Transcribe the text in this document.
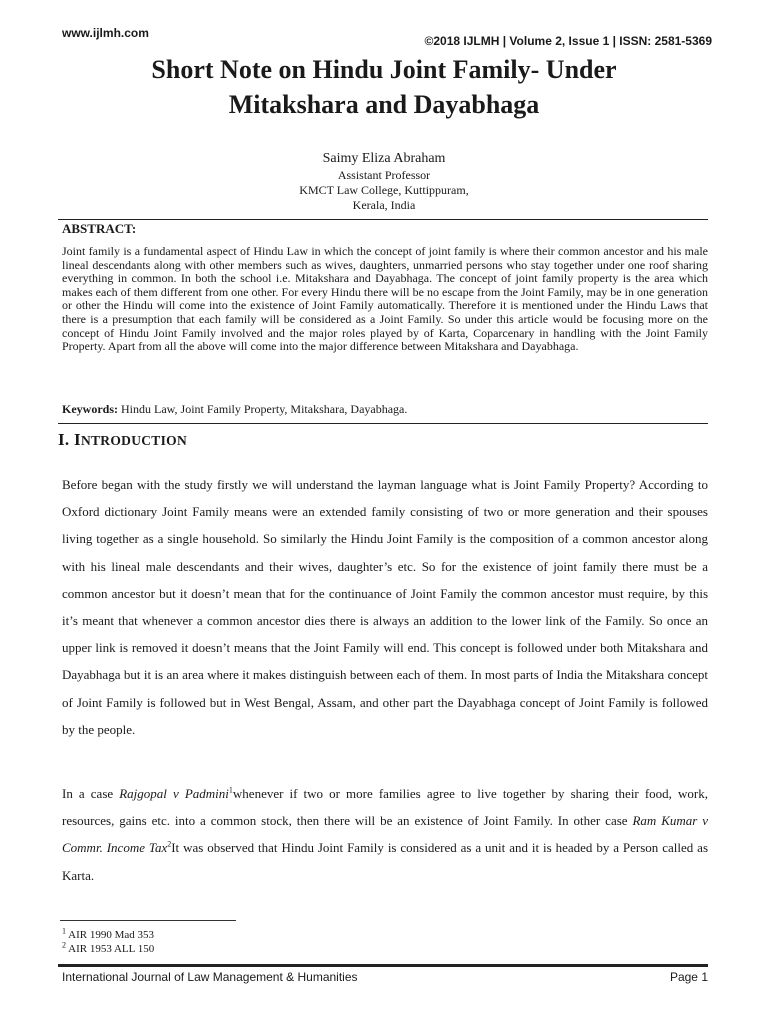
www.ijlmh.com
©2018 IJLMH | Volume 2, Issue 1 | ISSN: 2581-5369
Short Note on Hindu Joint Family- Under
Mitakshara and Dayabhaga
Saimy Eliza Abraham
Assistant Professor
KMCT Law College, Kuttippuram,
Kerala, India
ABSTRACT:
Joint family is a fundamental aspect of Hindu Law in which the concept of joint family is where their common ancestor and his male lineal descendants along with other members such as wives, daughters, unmarried persons who stay together under one roof sharing everything in common. In both the school i.e. Mitakshara and Dayabhaga. The concept of joint family property is the area which makes each of them different from one other. For every Hindu there will be no escape from the Joint Family, may be in one generation or other the Hindu will come into the existence of Joint Family automatically. Therefore it is mentioned under the Hindu Laws that there is a presumption that each family will be considered as a Joint Family. So under this article would be focusing more on the concept of Hindu Joint Family involved and the major roles played by of Karta, Coparcenary in handling with the Joint Family Property. Apart from all the above will come into the major difference between Mitakshara and Dayabhaga.
Keywords: Hindu Law, Joint Family Property, Mitakshara, Dayabhaga.
I. INTRODUCTION
Before began with the study firstly we will understand the layman language what is Joint Family Property? According to Oxford dictionary Joint Family means were an extended family consisting of two or more generation and their spouses living together as a single household. So similarly the Hindu Joint Family is the composition of a common ancestor along with his lineal male descendants and their wives, daughter’s etc. So for the existence of joint family there must be a common ancestor but it doesn’t mean that for the continuance of Joint Family the common ancestor must require, by this it’s meant that whenever a common ancestor dies there is always an addition to the lower link of the Family. So once an upper link is removed it doesn’t means that the Joint Family will end. This concept is followed under both Mitakshara and Dayabhaga but it is an area where it makes distinguish between each of them. In most parts of India the Mitakshara concept of Joint Family is followed but in West Bengal, Assam, and other part the Dayabhaga concept of Joint Family is followed by the people.
In a case Rajgopal v Padmini$^1$whenever if two or more families agree to live together by sharing their food, work, resources, gains etc. into a common stock, then there will be an existence of Joint Family. In other case Ram Kumar v Commr. Income Tax$^2$It was observed that Hindu Joint Family is considered as a unit and it is headed by a Person called as Karta.
$^1$ AIR 1990 Mad 353
$^2$ AIR 1953 ALL 150
International Journal of Law Management & Humanities	Page 1
